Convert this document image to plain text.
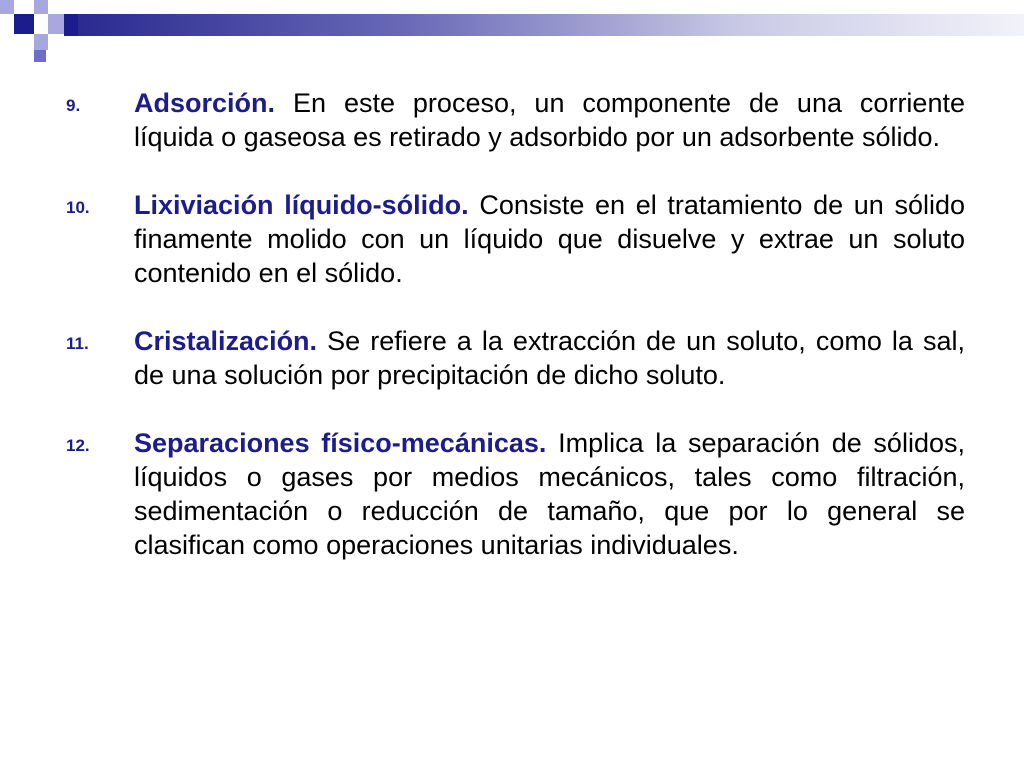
9. Adsorción. En este proceso, un componente de una corriente líquida o gaseosa es retirado y adsorbido por un adsorbente sólido.
10. Lixiviación líquido-sólido. Consiste en el tratamiento de un sólido finamente molido con un líquido que disuelve y extrae un soluto contenido en el sólido.
11. Cristalización. Se refiere a la extracción de un soluto, como la sal, de una solución por precipitación de dicho soluto.
12. Separaciones físico-mecánicas. Implica la separación de sólidos, líquidos o gases por medios mecánicos, tales como filtración, sedimentación o reducción de tamaño, que por lo general se clasifican como operaciones unitarias individuales.
